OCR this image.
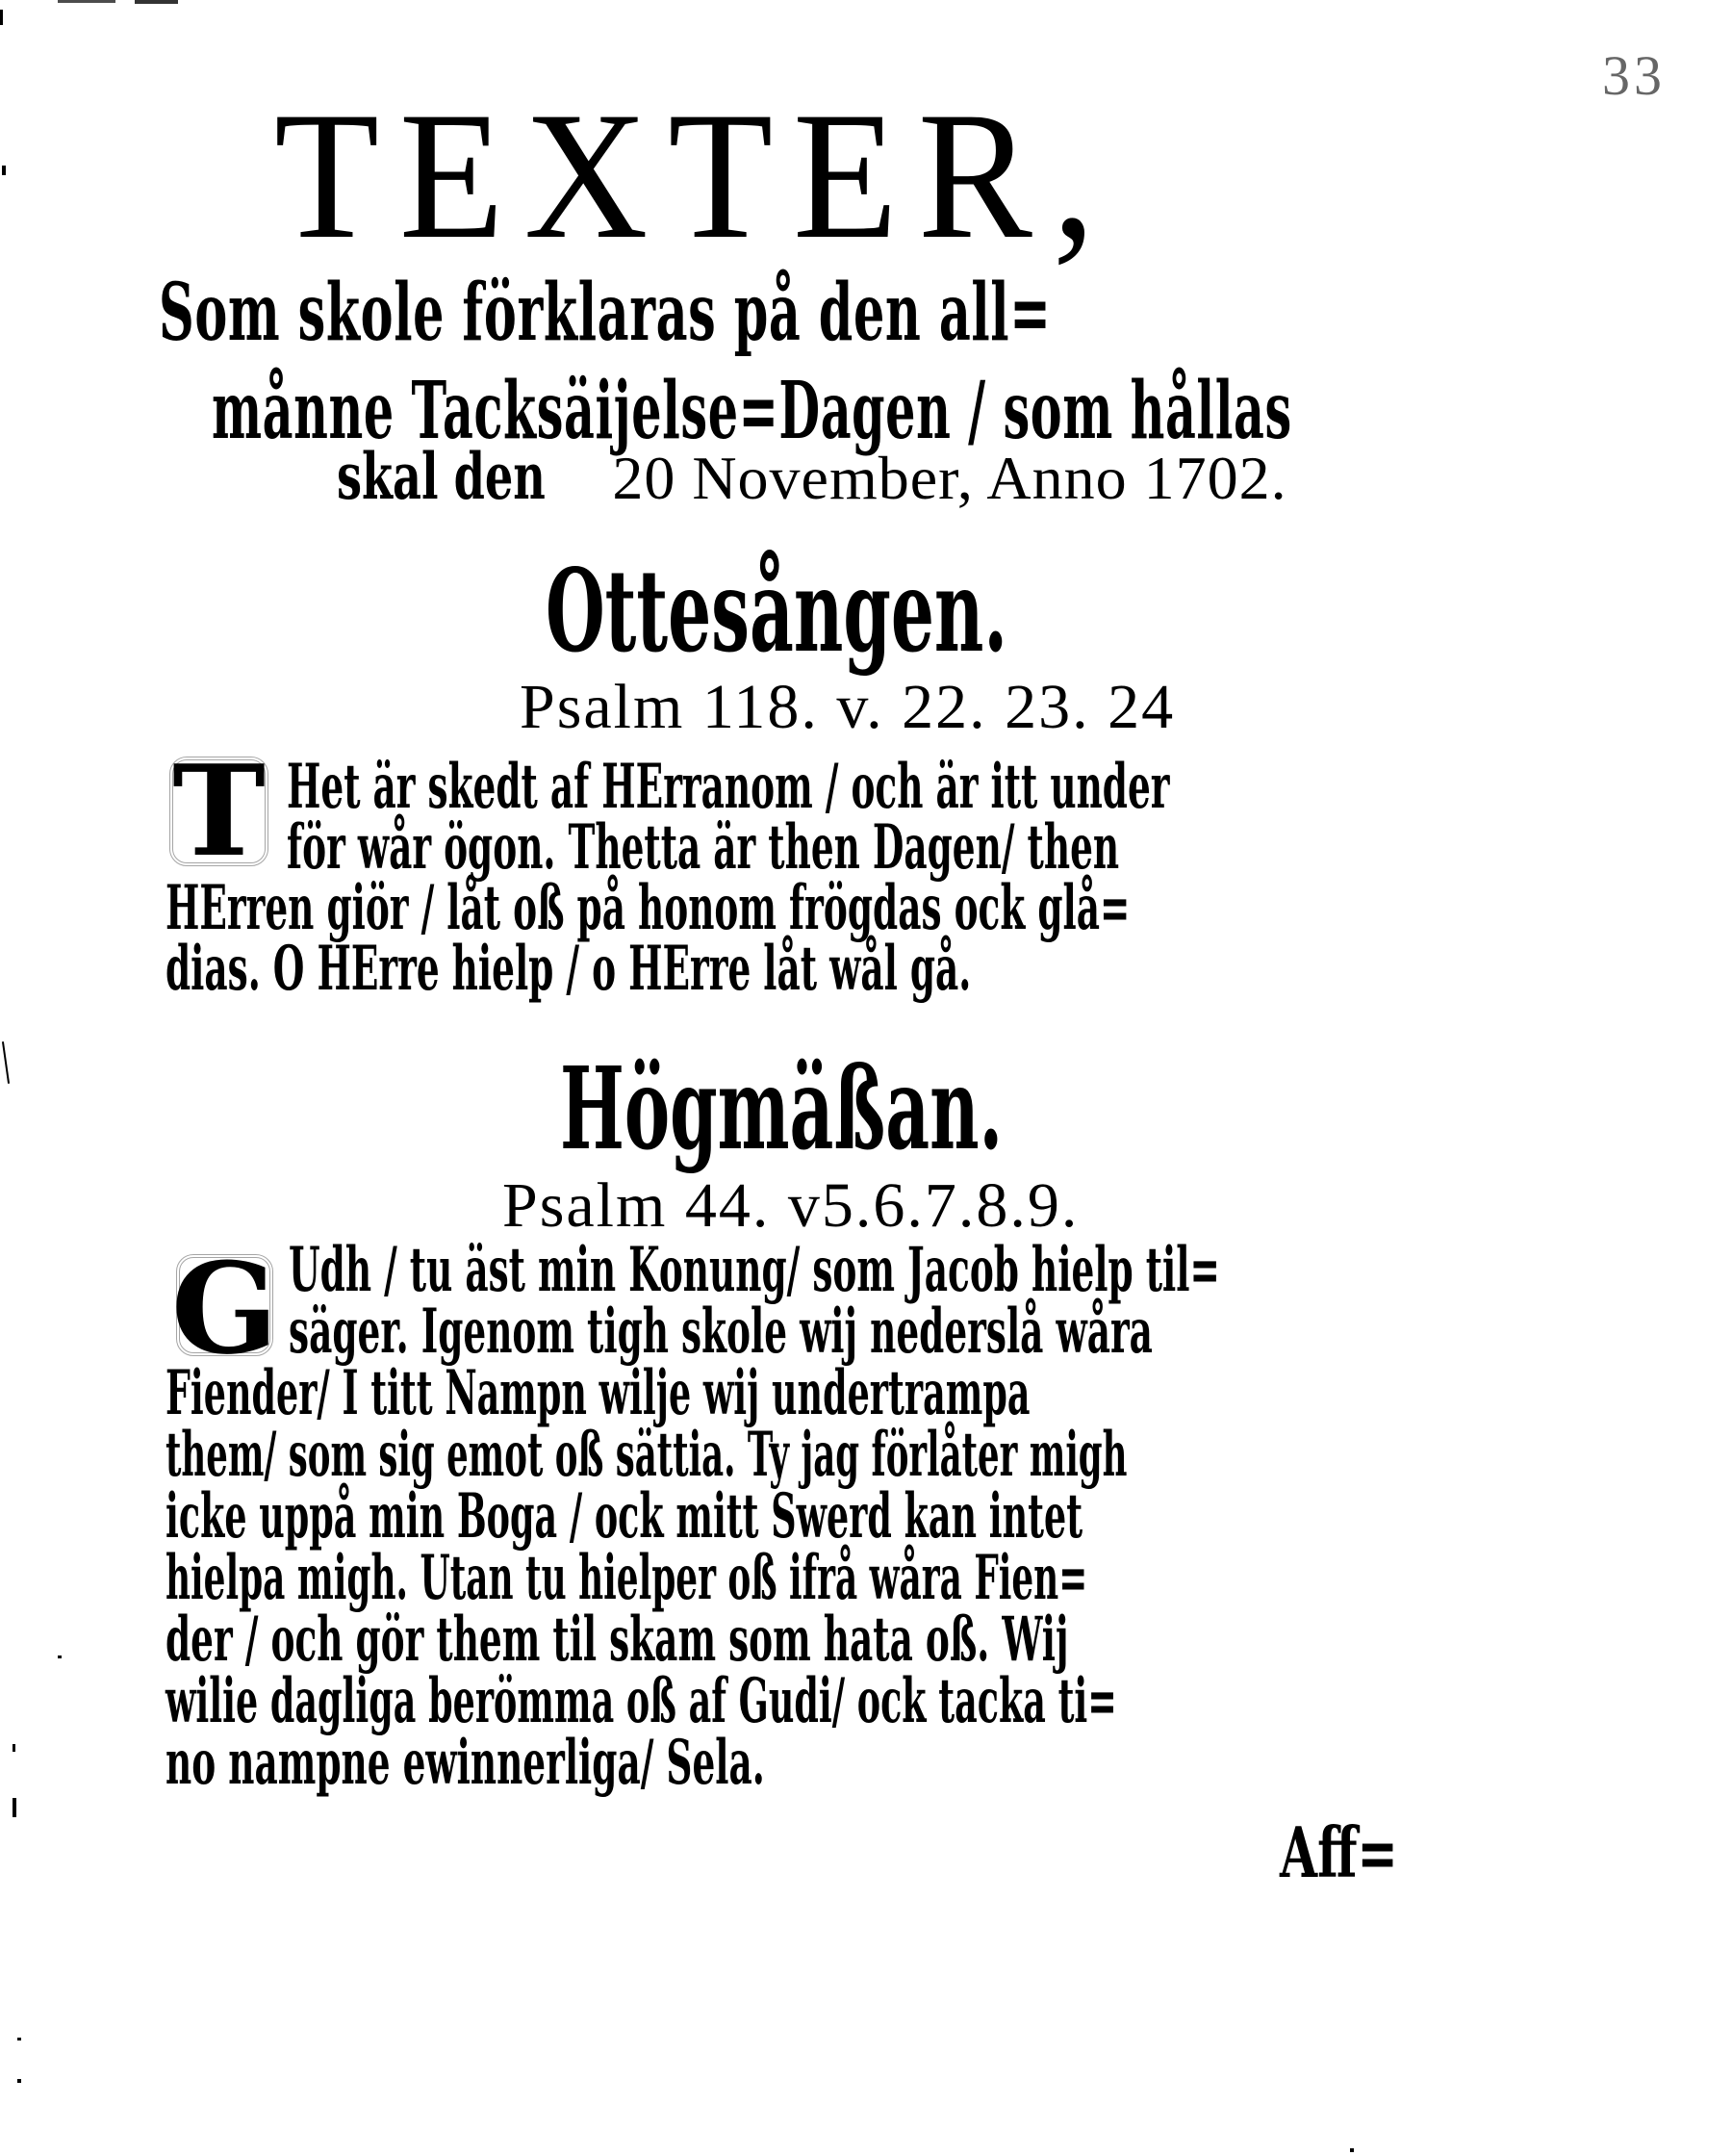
33
TEXTER,
Som skole förklaras på den all=
månne Tacksäijelse=Dagen / som hållas
skal den 20 November, Anno 1702.
Ottesången.
Psalm 118. v. 22. 23. 24
T Het är skedt af HErranom / och är itt under
för wår ögon. Thetta är then Dagen/ then
HErren giör / låt oß på honom frögdas ock glå=
dias. O HErre hielp / o HErre låt wål gå.
Högmäßan.
Psalm 44. v5.6.7.8.9.
G Udh / tu äst min Konung/ som Jacob hielp til=
säger. Igenom tigh skole wij nederslå wåra
Fiender/ I titt Nampn wilje wij undertrampa
them/ som sig emot oß sättia. Ty jag förlåter migh
icke uppå min Boga / ock mitt Swerd kan intet
hielpa migh. Utan tu hielper oß ifrå wåra Fien=
der / och gör them til skam som hata oß. Wij
wilie dagliga berömma oß af Gudi/ ock tacka ti=
no nampne ewinnerliga/ Sela.
Aff=
